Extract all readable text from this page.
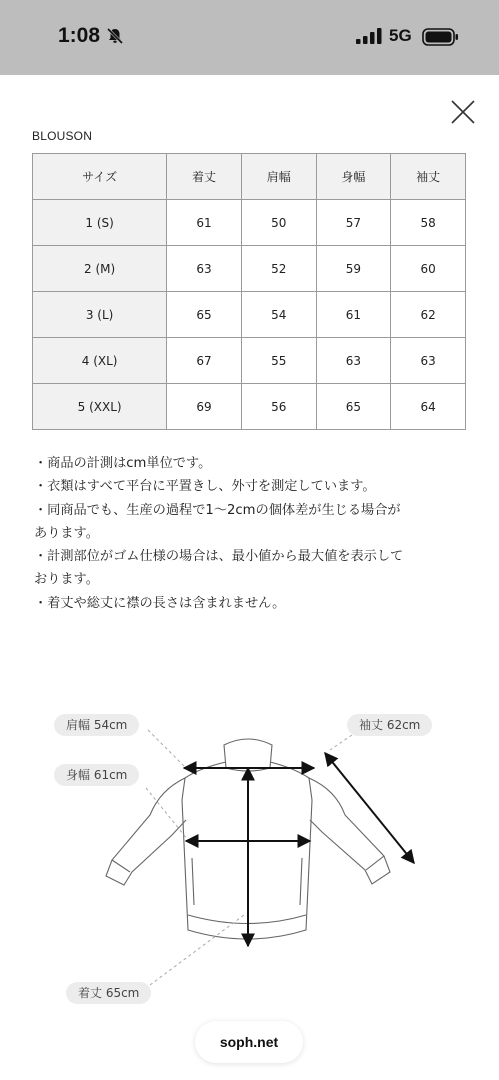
1:08	5G
BLOUSON
サイズ	着丈	肩幅	身幅	袖丈
1 (S)	61	50	57	58
2 (M)	63	52	59	60
3 (L)	65	54	61	62
4 (XL)	67	55	63	63
5 (XXL)	69	56	65	64
・商品の計測はcm単位です。
・衣類はすべて平台に平置きし、外寸を測定しています。
・同商品でも、生産の過程で1〜2cmの個体差が生じる場合が
あります。
・計測部位がゴム仕様の場合は、最小値から最大値を表示して
おります。
・着丈や総丈に襟の長さは含まれません。
肩幅 54cm
身幅 61cm
袖丈 62cm
着丈 65cm
soph.net
